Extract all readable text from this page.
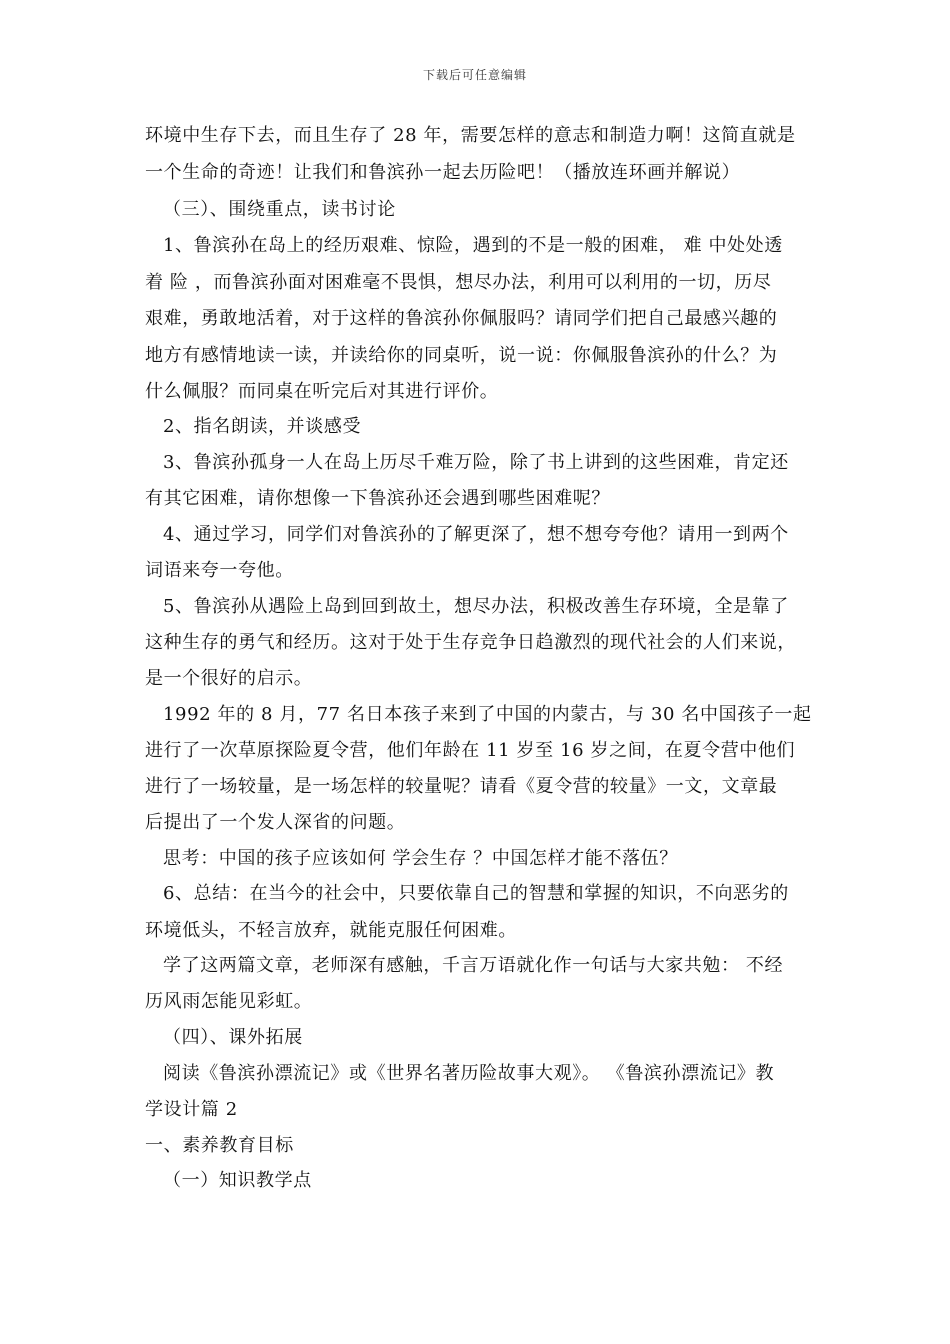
下载后可任意编辑
环境中生存下去，而且生存了 28 年，需要怎样的意志和制造力啊！这简直就是
一个生命的奇迹！让我们和鲁滨孙一起去历险吧！（播放连环画并解说）
（三）、围绕重点，读书讨论
1、鲁滨孙在岛上的经历艰难、惊险，遇到的不是一般的困难， 难 中处处透
着 险 ，而鲁滨孙面对困难毫不畏惧，想尽办法，利用可以利用的一切，历尽
艰难，勇敢地活着，对于这样的鲁滨孙你佩服吗？请同学们把自己最感兴趣的
地方有感情地读一读，并读给你的同桌听，说一说：你佩服鲁滨孙的什么？为
什么佩服？而同桌在听完后对其进行评价。
2、指名朗读，并谈感受
3、鲁滨孙孤身一人在岛上历尽千难万险，除了书上讲到的这些困难，肯定还
有其它困难，请你想像一下鲁滨孙还会遇到哪些困难呢？
4、通过学习，同学们对鲁滨孙的了解更深了，想不想夸夸他？请用一到两个
词语来夸一夸他。
5、鲁滨孙从遇险上岛到回到故土，想尽办法，积极改善生存环境，全是靠了
这种生存的勇气和经历。这对于处于生存竞争日趋激烈的现代社会的人们来说，
是一个很好的启示。
1992 年的 8 月，77 名日本孩子来到了中国的内蒙古，与 30 名中国孩子一起
进行了一次草原探险夏令营，他们年龄在 11 岁至 16 岁之间，在夏令营中他们
进行了一场较量，是一场怎样的较量呢？请看《夏令营的较量》一文，文章最
后提出了一个发人深省的问题。
思考：中国的孩子应该如何 学会生存 ？中国怎样才能不落伍？
6、总结：在当今的社会中，只要依靠自己的智慧和掌握的知识，不向恶劣的
环境低头，不轻言放弃，就能克服任何困难。
学了这两篇文章，老师深有感触，千言万语就化作一句话与大家共勉： 不经
历风雨怎能见彩虹。
（四）、课外拓展
阅读《鲁滨孙漂流记》或《世界名著历险故事大观》。 《鲁滨孙漂流记》教
学设计篇 2
一、素养教育目标
（一）知识教学点
